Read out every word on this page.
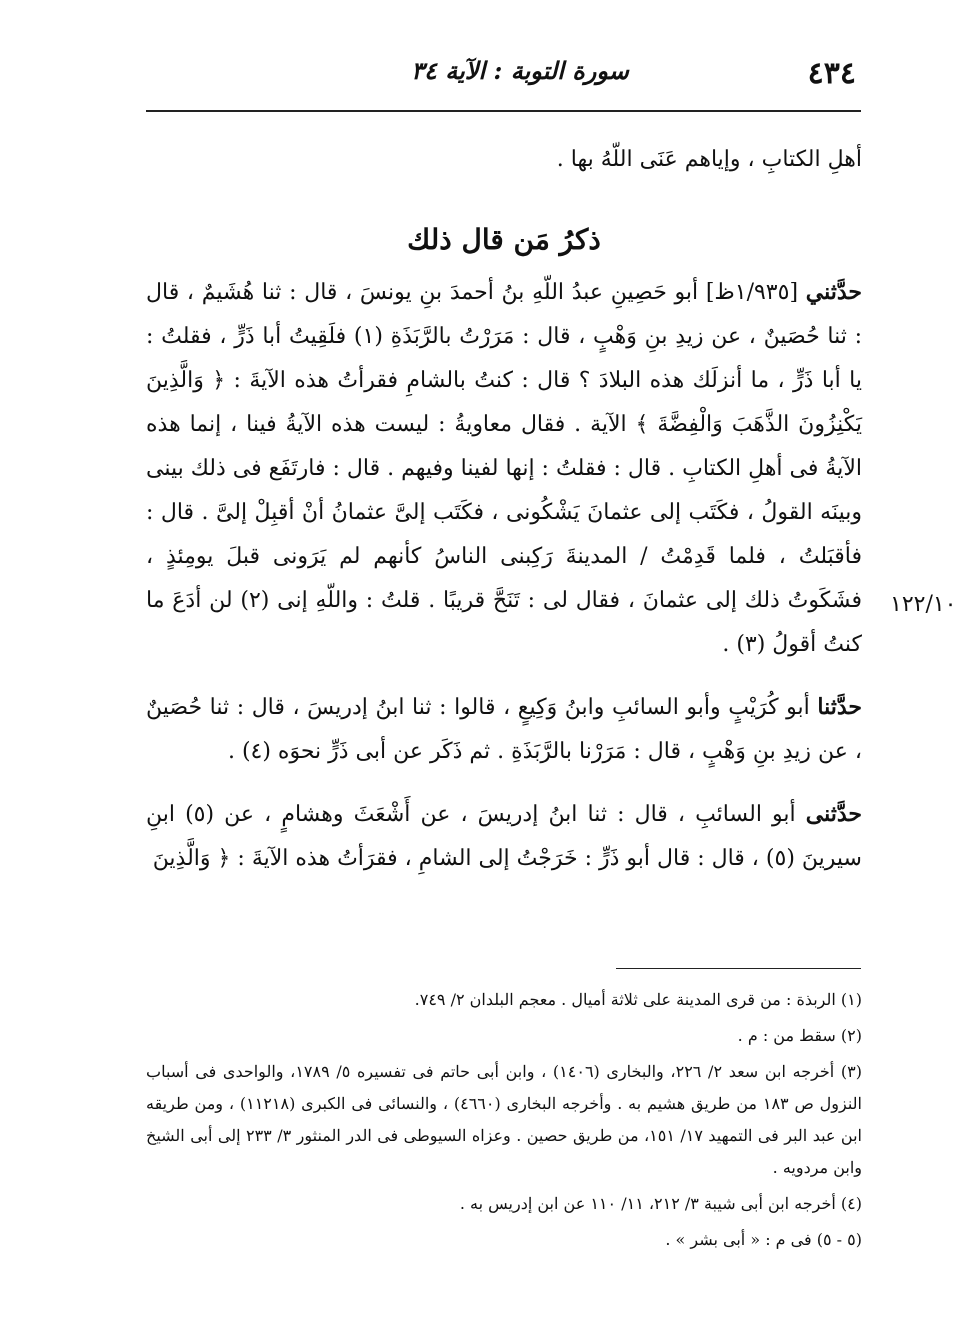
٤٣٤
سورة التوبة : الآية ٣٤
١٢٢/١٠

أهلِ الكتابِ ، وإياهم عَنَى اللّهُ بها .

ذكرُ مَن قال ذلك

حدَّثني [١/٩٣٥ظ] أبو حَصِينِ عبدُ اللّهِ بنُ أحمدَ بنِ يونسَ ، قال : ثنا هُشَيمٌ ، قال : ثنا حُصَينٌ ، عن زيدِ بنِ وَهْبٍ ، قال : مَرَرْتُ بالرَّبَذَةِ (١) فلَقِيتُ أبا ذَرٍّ ، فقلتُ : يا أبا ذَرٍّ ، ما أنزلَك هذه البلادَ ؟ قال : كنتُ بالشامِ فقرأتُ هذه الآيةَ : ﴿ وَالَّذِينَ يَكْنِزُونَ الذَّهَبَ وَالْفِضَّةَ ﴾ الآية . فقال معاويةُ : ليست هذه الآيةُ فينا ، إنما هذه الآيةُ فى أهلِ الكتابِ . قال : فقلتُ : إنها لفينا وفيهم . قال : فارتَفَع فى ذلك بينى وبينَه القولُ ، فكَتَب إلى عثمانَ يَشْكُونى ، فكَتَب إلىَّ عثمانُ أنْ أقبِلْ إلىَّ . قال : فأقبَلتُ ، فلما قَدِمْتُ / المدينةَ رَكِبنى الناسُ كأنهم لم يَرَونى قبلَ يومِئذٍ ، فشَكَوتُ ذلك إلى عثمانَ ، فقال لى : تَنَحَّ قريبًا . قلتُ : واللّهِ إنى (٢) لن أدَعَ ما كنتُ أقولُ (٣) .

حدَّثنا أبو كُرَيْبٍ وأبو السائبِ وابنُ وَكِيعٍ ، قالوا : ثنا ابنُ إدريسَ ، قال : ثنا حُصَينٌ ، عن زيدِ بنِ وَهْبٍ ، قال : مَرَرْنا بالرَّبَذَةِ . ثم ذَكَر عن أبى ذَرٍّ نحوَه (٤) .

حدَّثنى أبو السائبِ ، قال : ثنا ابنُ إدريسَ ، عن أَشْعَثَ وهشامٍ ، عن (٥) ابنِ سيرينَ (٥) ، قال : قال أبو ذَرٍّ : خَرَجْتُ إلى الشامِ ، فقرَأتُ هذه الآيةَ : ﴿ وَالَّذِينَ

(١) الربذة : من قرى المدينة على ثلاثة أميال . معجم البلدان ٢/ ٧٤٩.

(٢) سقط من : م .

(٣) أخرجه ابن سعد ٢/ ٢٢٦، والبخارى (١٤٠٦) ، وابن أبى حاتم فى تفسيره ٥/ ١٧٨٩، والواحدى فى أسباب النزول ص ١٨٣ من طريق هشيم به . وأخرجه البخارى (٤٦٦٠) ، والنسائى فى الكبرى (١١٢١٨) ، ومن طريقه ابن عبد البر فى التمهيد ١٧/ ١٥١، من طريق حصين . وعزاه السيوطى فى الدر المنثور ٣/ ٢٣٣ إلى أبى الشيخ وابن مردويه .

(٤) أخرجه ابن أبى شيبة ٣/ ٢١٢، ١١/ ١١٠ عن ابن إدريس به .

(٥ - ٥) فى م : « أبى بشر » .
